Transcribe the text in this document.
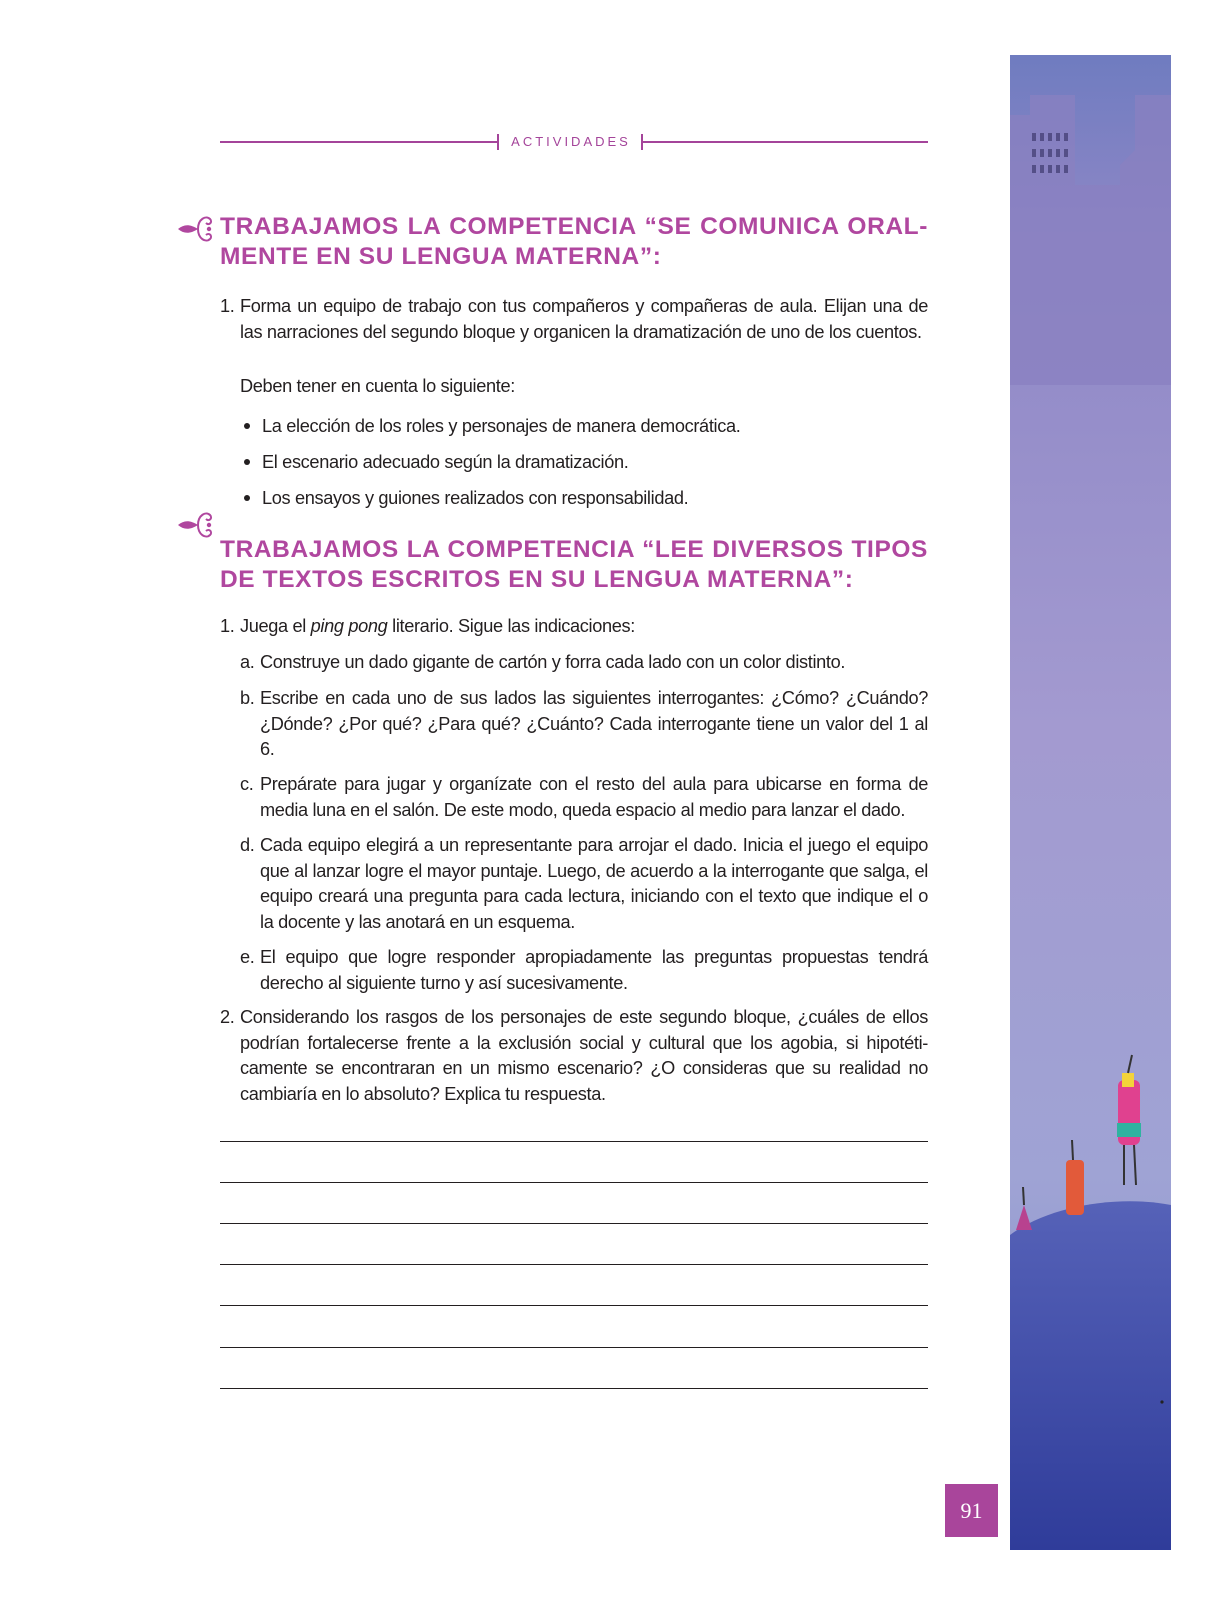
ACTIVIDADES
TRABAJAMOS LA COMPETENCIA “SE COMUNICA ORAL- MENTE EN SU LENGUA MATERNA”:
1. Forma un equipo de trabajo con tus compañeros y compañeras de aula. Elijan una de las narraciones del segundo bloque y organicen la dramatización de uno de los cuentos.
Deben tener en cuenta lo siguiente:
La elección de los roles y personajes de manera democrática.
El escenario adecuado según la dramatización.
Los ensayos y guiones realizados con responsabilidad.
TRABAJAMOS LA COMPETENCIA “LEE DIVERSOS TIPOS DE TEXTOS ESCRITOS EN SU LENGUA MATERNA”:
1. Juega el ping pong literario. Sigue las indicaciones:
a. Construye un dado gigante de cartón y forra cada lado con un color distinto.
b. Escribe en cada uno de sus lados las siguientes interrogantes: ¿Cómo? ¿Cuándo? ¿Dónde? ¿Por qué? ¿Para qué? ¿Cuánto? Cada interrogante tiene un valor del 1 al 6.
c. Prepárate para jugar y organízate con el resto del aula para ubicarse en forma de media luna en el salón. De este modo, queda espacio al medio para lanzar el dado.
d. Cada equipo elegirá a un representante para arrojar el dado. Inicia el juego el equipo que al lanzar logre el mayor puntaje. Luego, de acuerdo a la interrogante que salga, el equipo creará una pregunta para cada lectura, iniciando con el texto que indique el o la docente y las anotará en un esquema.
e. El equipo que logre responder apropiadamente las preguntas propuestas tendrá derecho al siguiente turno y así sucesivamente.
2. Considerando los rasgos de los personajes de este segundo bloque, ¿cuáles de ellos podrían fortalecerse frente a la exclusión social y cultural que los agobia, si hipotéti- camente se encontraran en un mismo escenario? ¿O consideras que su realidad no cambiaría en lo absoluto? Explica tu respuesta.
91
